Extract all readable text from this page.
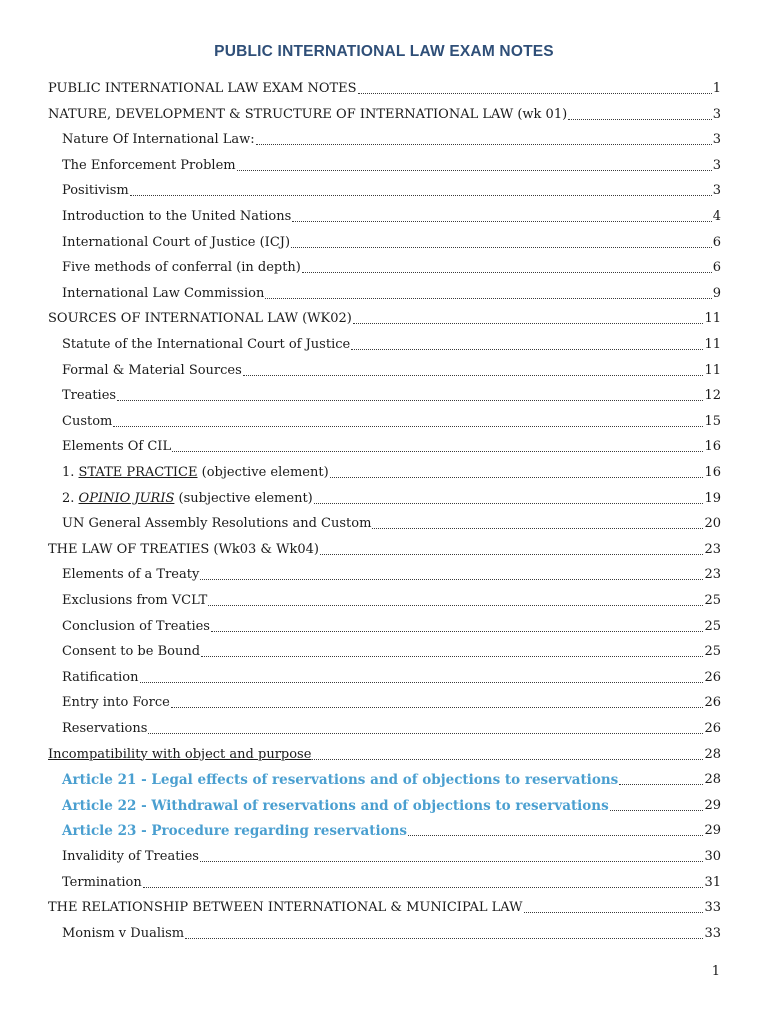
PUBLIC INTERNATIONAL LAW EXAM NOTES
PUBLIC INTERNATIONAL LAW EXAM NOTES	1
NATURE, DEVELOPMENT & STRUCTURE OF INTERNATIONAL LAW (wk 01)	3
Nature Of International Law:	3
The Enforcement Problem	3
Positivism	3
Introduction to the United Nations	4
International Court of Justice (ICJ)	6
Five methods of conferral (in depth)	6
International Law Commission	9
SOURCES OF INTERNATIONAL LAW (WK02)	11
Statute of the International Court of Justice	11
Formal & Material Sources	11
Treaties	12
Custom	15
Elements Of CIL	16
1. STATE PRACTICE (objective element)	16
2. OPINIO JURIS (subjective element)	19
UN General Assembly Resolutions and Custom	20
THE LAW OF TREATIES (Wk03 & Wk04)	23
Elements of a Treaty	23
Exclusions from VCLT	25
Conclusion of Treaties	25
Consent to be Bound	25
Ratification	26
Entry into Force	26
Reservations	26
Incompatibility with object and purpose	28
Article 21 - Legal effects of reservations and of objections to reservations	28
Article 22 - Withdrawal of reservations and of objections to reservations	29
Article 23 - Procedure regarding reservations	29
Invalidity of Treaties	30
Termination	31
THE RELATIONSHIP BETWEEN INTERNATIONAL & MUNICIPAL LAW	33
Monism v Dualism	33
1
